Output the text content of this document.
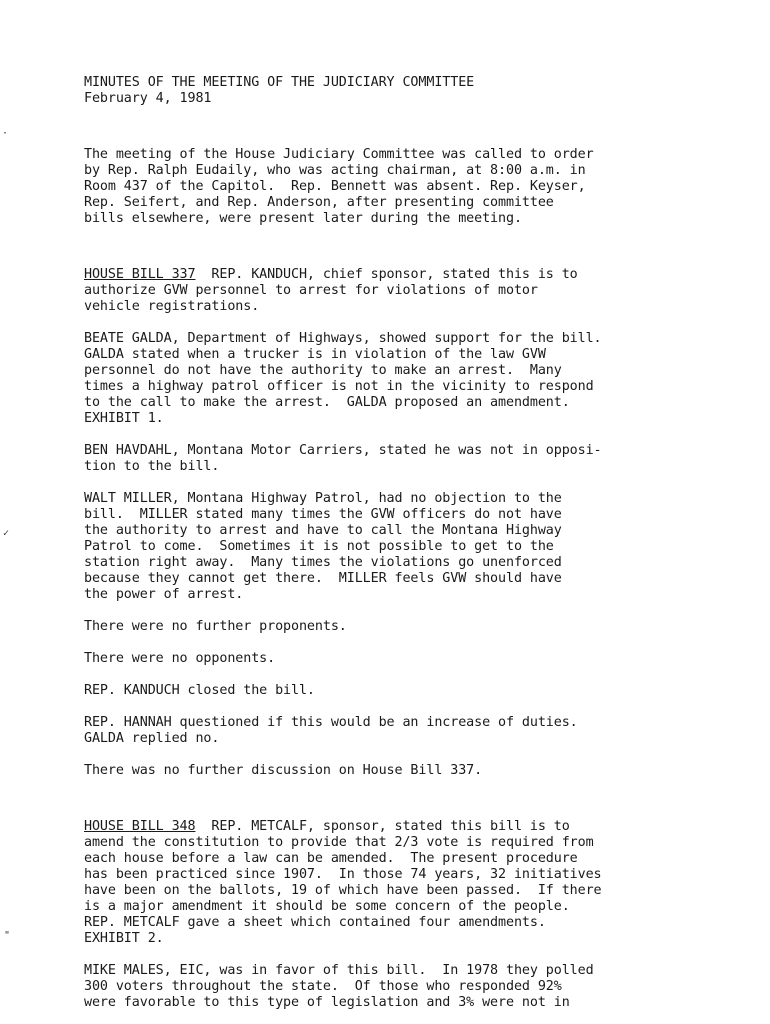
·
✓
"
MINUTES OF THE MEETING OF THE JUDICIARY COMMITTEE
February 4, 1981
The meeting of the House Judiciary Committee was called to order
by Rep. Ralph Eudaily, who was acting chairman, at 8:00 a.m. in
Room 437 of the Capitol.  Rep. Bennett was absent. Rep. Keyser,
Rep. Seifert, and Rep. Anderson, after presenting committee
bills elsewhere, were present later during the meeting.
HOUSE BILL 337  REP. KANDUCH, chief sponsor, stated this is to
authorize GVW personnel to arrest for violations of motor
vehicle registrations.
BEATE GALDA, Department of Highways, showed support for the bill.
GALDA stated when a trucker is in violation of the law GVW
personnel do not have the authority to make an arrest.  Many
times a highway patrol officer is not in the vicinity to respond
to the call to make the arrest.  GALDA proposed an amendment.
EXHIBIT 1.
BEN HAVDAHL, Montana Motor Carriers, stated he was not in opposi-
tion to the bill.
WALT MILLER, Montana Highway Patrol, had no objection to the
bill.  MILLER stated many times the GVW officers do not have
the authority to arrest and have to call the Montana Highway
Patrol to come.  Sometimes it is not possible to get to the
station right away.  Many times the violations go unenforced
because they cannot get there.  MILLER feels GVW should have
the power of arrest.
There were no further proponents.
There were no opponents.
REP. KANDUCH closed the bill.
REP. HANNAH questioned if this would be an increase of duties.
GALDA replied no.
There was no further discussion on House Bill 337.
HOUSE BILL 348  REP. METCALF, sponsor, stated this bill is to
amend the constitution to provide that 2/3 vote is required from
each house before a law can be amended.  The present procedure
has been practiced since 1907.  In those 74 years, 32 initiatives
have been on the ballots, 19 of which have been passed.  If there
is a major amendment it should be some concern of the people.
REP. METCALF gave a sheet which contained four amendments.
EXHIBIT 2.
MIKE MALES, EIC, was in favor of this bill.  In 1978 they polled
300 voters throughout the state.  Of those who responded 92%
were favorable to this type of legislation and 3% were not in
